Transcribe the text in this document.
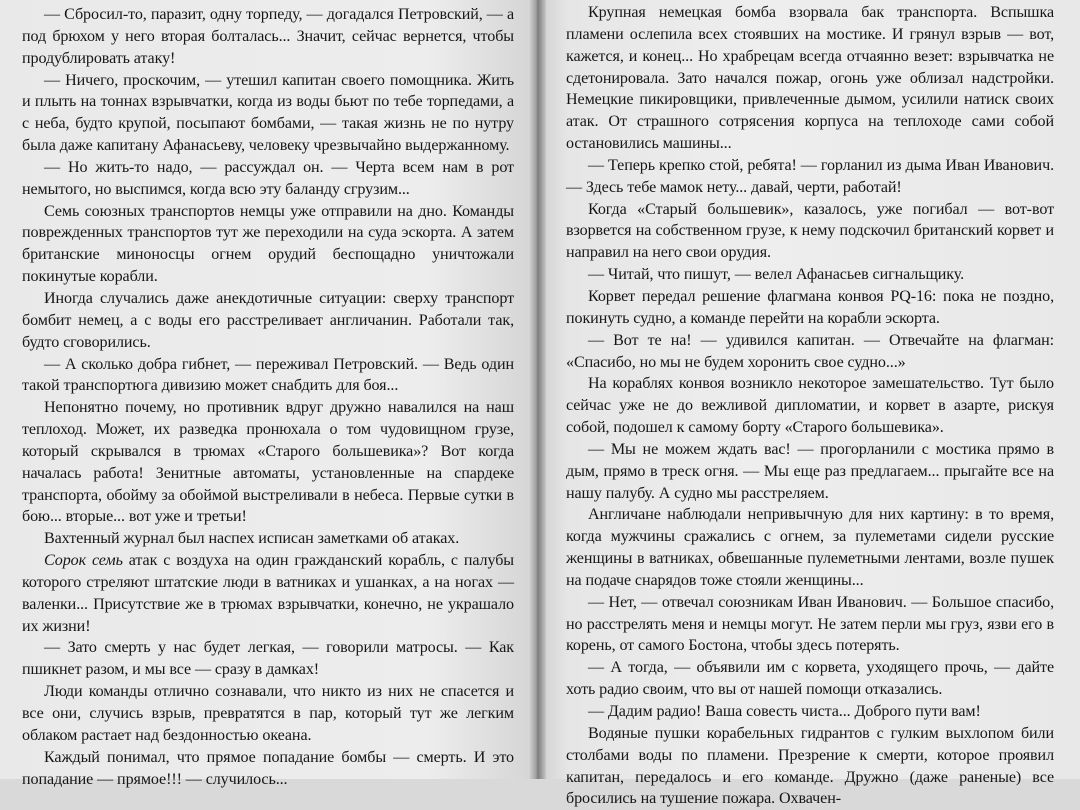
— Сбросил-то, паразит, одну торпеду, — догадался Петровский, — а под брюхом у него вторая болталась... Значит, сейчас вернется, чтобы продублировать атаку!

— Ничего, проскочим, — утешил капитан своего помощника. Жить и плыть на тоннах взрывчатки, когда из воды бьют по тебе торпедами, а с неба, будто крупой, посыпают бомбами, — такая жизнь не по нутру была даже капитану Афанасьеву, человеку чрезвычайно выдержанному.

— Но жить-то надо, — рассуждал он. — Черта всем нам в рот немытого, но выспимся, когда всю эту баланду сгрузим...

Семь союзных транспортов немцы уже отправили на дно. Команды поврежденных транспортов тут же переходили на суда эскорта. А затем британские миноносцы огнем орудий беспощадно уничтожали покинутые корабли.

Иногда случались даже анекдотичные ситуации: сверху транспорт бомбит немец, а с воды его расстреливает англичанин. Работали так, будто сговорились.

— А сколько добра гибнет, — переживал Петровский. — Ведь один такой транспортюга дивизию может снабдить для боя...

Непонятно почему, но противник вдруг дружно навалился на наш теплоход. Может, их разведка пронюхала о том чудовищном грузе, который скрывался в трюмах «Старого большевика»? Вот когда началась работа! Зенитные автоматы, установленные на спардеке транспорта, обойму за обоймой выстреливали в небеса. Первые сутки в бою... вторые... вот уже и третьи!

Вахтенный журнал был наспех исписан заметками об атаках.

Сорок семь атак с воздуха на один гражданский корабль, с палубы которого стреляют штатские люди в ватниках и ушанках, а на ногах — валенки... Присутствие же в трюмах взрывчатки, конечно, не украшало их жизни!

— Зато смерть у нас будет легкая, — говорили матросы. — Как пшикнет разом, и мы все — сразу в дамках!

Люди команды отлично сознавали, что никто из них не спасется и все они, случись взрыв, превратятся в пар, который тут же легким облаком растает над бездонностью океана.

Каждый понимал, что прямое попадание бомбы — смерть. И это попадание — прямое!!! — случилось...

Крупная немецкая бомба взорвала бак транспорта. Вспышка пламени ослепила всех стоявших на мостике. И грянул взрыв — вот, кажется, и конец... Но храбрецам всегда отчаянно везет: взрывчатка не сдетонировала. Зато начался пожар, огонь уже облизал надстройки. Немецкие пикировщики, привлеченные дымом, усилили натиск своих атак. От страшного сотрясения корпуса на теплоходе сами собой остановились машины...

— Теперь крепко стой, ребята! — горланил из дыма Иван Иванович. — Здесь тебе мамок нету... давай, черти, работай!

Когда «Старый большевик», казалось, уже погибал — вот-вот взорвется на собственном грузе, к нему подскочил британский корвет и направил на него свои орудия.

— Читай, что пишут, — велел Афанасьев сигнальщику.

Корвет передал решение флагмана конвоя PQ-16: пока не поздно, покинуть судно, а команде перейти на корабли эскорта.

— Вот те на! — удивился капитан. — Отвечайте на флагман: «Спасибо, но мы не будем хоронить свое судно...»

На кораблях конвоя возникло некоторое замешательство. Тут было сейчас уже не до вежливой дипломатии, и корвет в азарте, рискуя собой, подошел к самому борту «Старого большевика».

— Мы не можем ждать вас! — прогорланили с мостика прямо в дым, прямо в треск огня. — Мы еще раз предлагаем... прыгайте все на нашу палубу. А судно мы расстреляем.

Англичане наблюдали непривычную для них картину: в то время, когда мужчины сражались с огнем, за пулеметами сидели русские женщины в ватниках, обвешанные пулеметными лентами, возле пушек на подаче снарядов тоже стояли женщины...

— Нет, — отвечал союзникам Иван Иванович. — Большое спасибо, но расстрелять меня и немцы могут. Не затем перли мы груз, язви его в корень, от самого Бостона, чтобы здесь потерять.

— А тогда, — объявили им с корвета, уходящего прочь, — дайте хоть радио своим, что вы от нашей помощи отказались.

— Дадим радио! Ваша совесть чиста... Доброго пути вам!

Водяные пушки корабельных гидрантов с гулким выхлопом били столбами воды по пламени. Презрение к смерти, которое проявил капитан, передалось и его команде. Дружно (даже раненые) все бросились на тушение пожара. Охвачен-
